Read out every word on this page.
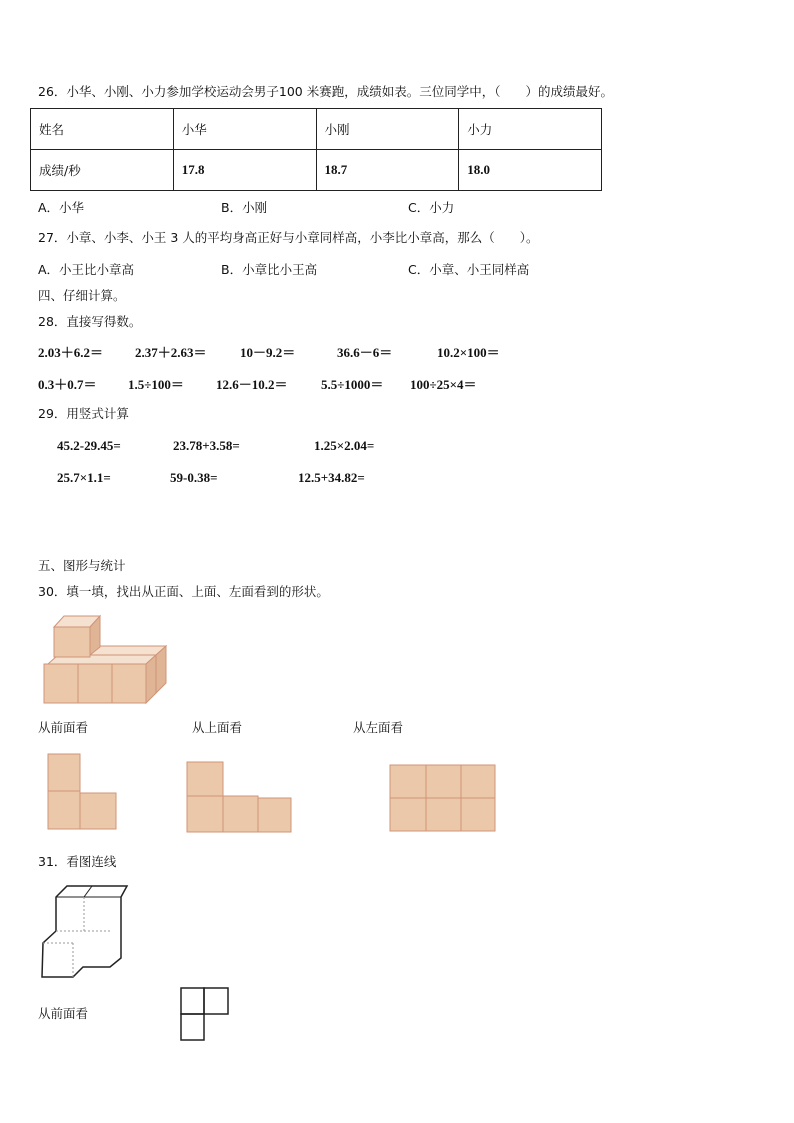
26．小华、小刚、小力参加学校运动会男子100 米赛跑，成绩如表。三位同学中，（　　）的成绩最好。
姓名	小华	小刚	小力
成绩/秒	17.8	18.7	18.0
A．小华	B．小刚	C．小力
27．小章、小李、小王 3 人的平均身高正好与小章同样高，小李比小章高，那么（　　）。
A．小王比小章高	B．小章比小王高	C．小章、小王同样高
四、仔细计算。
28．直接写得数。
2.03＋6.2＝ 2.37＋2.63＝	10－9.2＝	36.6－6＝	10.2×100＝
0.3＋0.7＝ 1.5÷100＝ 12.6－10.2＝	5.5÷1000＝ 100÷25×4＝
29．用竖式计算
45.2-29.45=	23.78+3.58=	1.25×2.04=
25.7×1.1=	59-0.38=	12.5+34.82=
五、图形与统计
30．填一填，找出从正面、上面、左面看到的形状。
从前面看	从上面看	从左面看
31．看图连线
从前面看
